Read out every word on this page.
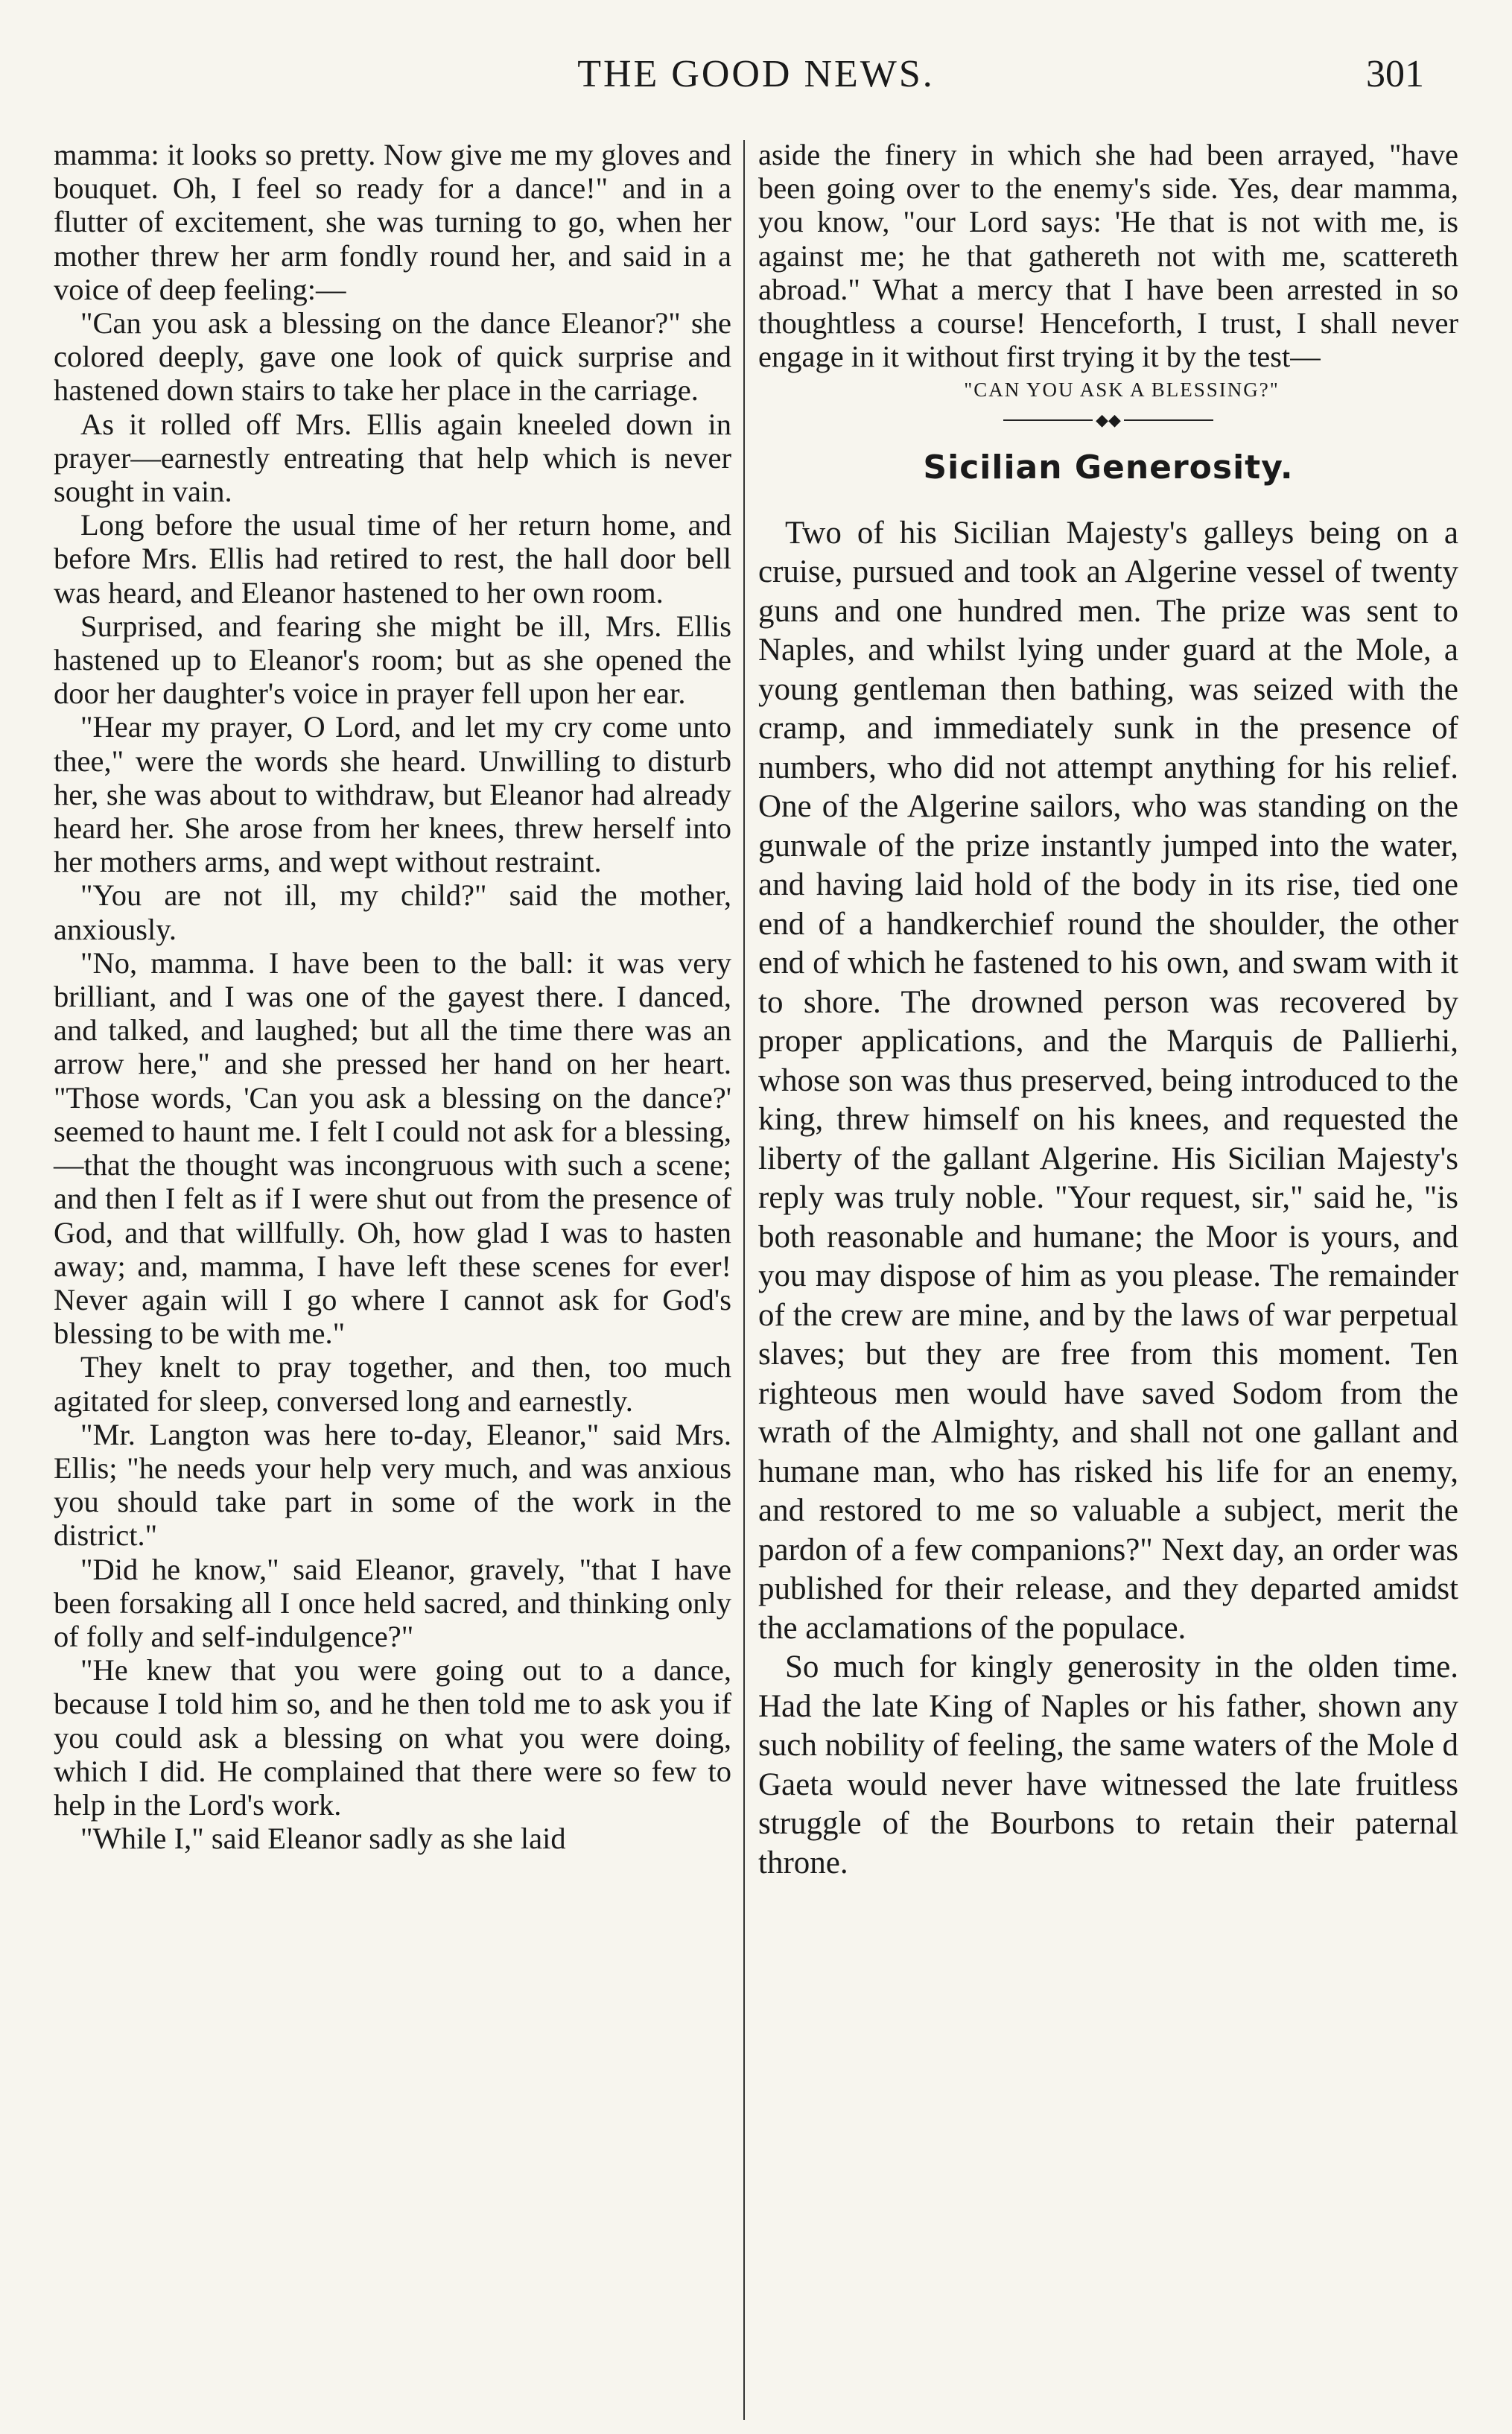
THE GOOD NEWS.	301

mamma: it looks so pretty. Now give me my gloves and bouquet. Oh, I feel so ready for a dance!" and in a flutter of excitement, she was turning to go, when her mother threw her arm fondly round her, and said in a voice of deep feeling:—

"Can you ask a blessing on the dance Eleanor?" she colored deeply, gave one look of quick surprise and hastened down stairs to take her place in the carriage.

As it rolled off Mrs. Ellis again kneeled down in prayer—earnestly entreating that help which is never sought in vain.

Long before the usual time of her return home, and before Mrs. Ellis had retired to rest, the hall door bell was heard, and Eleanor hastened to her own room.

Surprised, and fearing she might be ill, Mrs. Ellis hastened up to Eleanor's room; but as she opened the door her daughter's voice in prayer fell upon her ear.

"Hear my prayer, O Lord, and let my cry come unto thee," were the words she heard. Unwilling to disturb her, she was about to withdraw, but Eleanor had already heard her. She arose from her knees, threw herself into her mothers arms, and wept without restraint.

"You are not ill, my child?" said the mother, anxiously.

"No, mamma. I have been to the ball: it was very brilliant, and I was one of the gayest there. I danced, and talked, and laughed; but all the time there was an arrow here," and she pressed her hand on her heart. "Those words, 'Can you ask a blessing on the dance?' seemed to haunt me. I felt I could not ask for a blessing,—that the thought was incongruous with such a scene; and then I felt as if I were shut out from the presence of God, and that willfully. Oh, how glad I was to hasten away; and, mamma, I have left these scenes for ever! Never again will I go where I cannot ask for God's blessing to be with me."

They knelt to pray together, and then, too much agitated for sleep, conversed long and earnestly.

"Mr. Langton was here to-day, Eleanor," said Mrs. Ellis; "he needs your help very much, and was anxious you should take part in some of the work in the district."

"Did he know," said Eleanor, gravely, "that I have been forsaking all I once held sacred, and thinking only of folly and self-indulgence?"

"He knew that you were going out to a dance, because I told him so, and he then told me to ask you if you could ask a blessing on what you were doing, which I did. He complained that there were so few to help in the Lord's work.

"While I," said Eleanor sadly as she laid

aside the finery in which she had been arrayed, "have been going over to the enemy's side. Yes, dear mamma, you know, "our Lord says: 'He that is not with me, is against me; he that gathereth not with me, scattereth abroad." What a mercy that I have been arrested in so thoughtless a course! Henceforth, I trust, I shall never engage in it without first trying it by the test—

"CAN YOU ASK A BLESSING?"

◆◆
Sicilian Generosity.

Two of his Sicilian Majesty's galleys being on a cruise, pursued and took an Algerine vessel of twenty guns and one hundred men. The prize was sent to Naples, and whilst lying under guard at the Mole, a young gentleman then bathing, was seized with the cramp, and immediately sunk in the presence of numbers, who did not attempt anything for his relief. One of the Algerine sailors, who was standing on the gunwale of the prize instantly jumped into the water, and having laid hold of the body in its rise, tied one end of a handkerchief round the shoulder, the other end of which he fastened to his own, and swam with it to shore. The drowned person was recovered by proper applications, and the Marquis de Pallierhi, whose son was thus preserved, being introduced to the king, threw himself on his knees, and requested the liberty of the gallant Algerine. His Sicilian Majesty's reply was truly noble. "Your request, sir," said he, "is both reasonable and humane; the Moor is yours, and you may dispose of him as you please. The remainder of the crew are mine, and by the laws of war perpetual slaves; but they are free from this moment. Ten righteous men would have saved Sodom from the wrath of the Almighty, and shall not one gallant and humane man, who has risked his life for an enemy, and restored to me so valuable a subject, merit the pardon of a few companions?" Next day, an order was published for their release, and they departed amidst the acclamations of the populace.

So much for kingly generosity in the olden time. Had the late King of Naples or his father, shown any such nobility of feeling, the same waters of the Mole d Gaeta would never have witnessed the late fruitless struggle of the Bourbons to retain their paternal throne.
